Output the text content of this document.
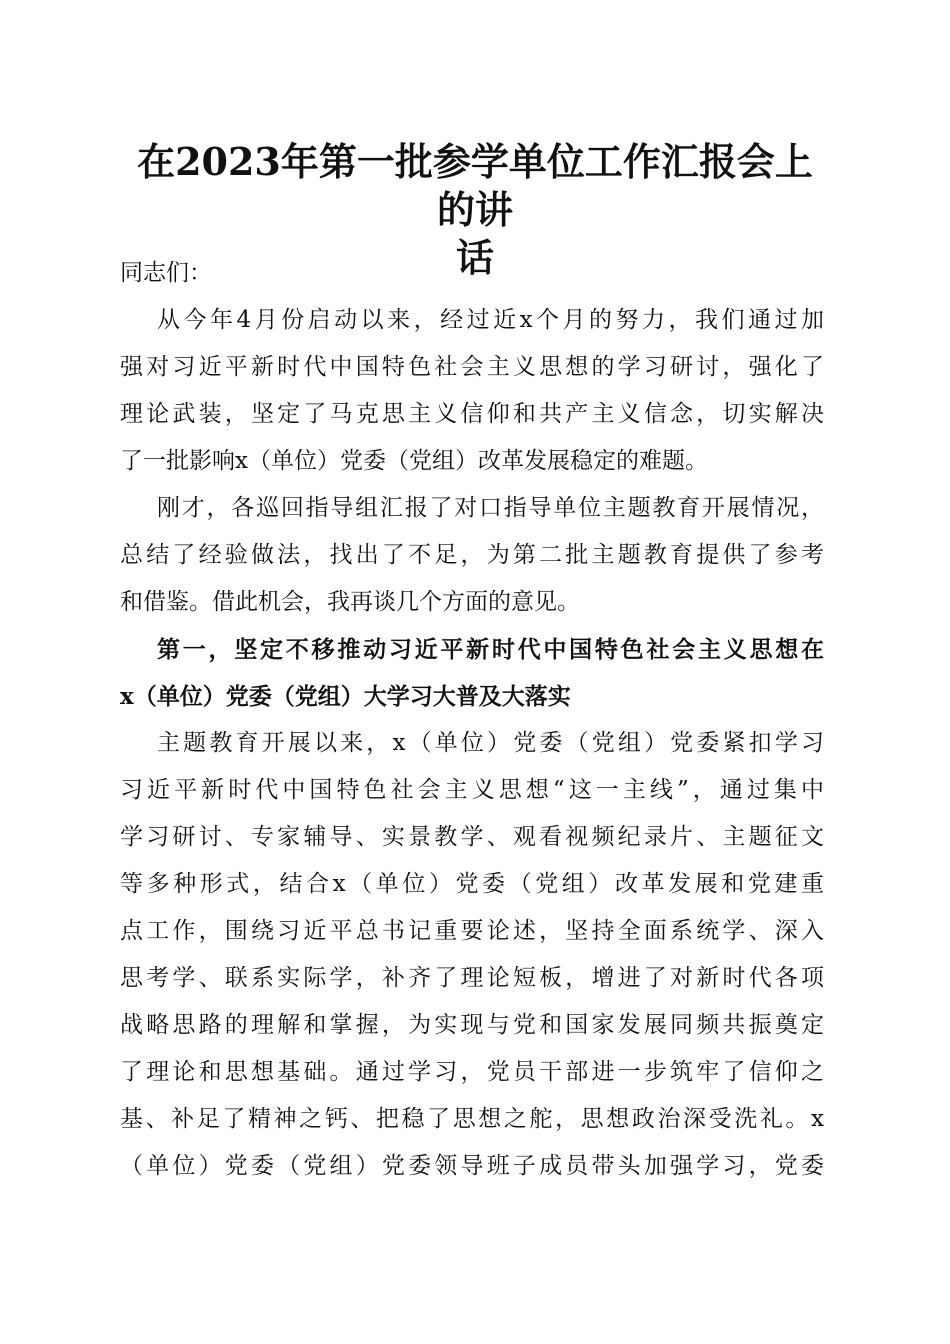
在2023年第一批参学单位工作汇报会上的讲
话
同志们：
从今年4月份启动以来，经过近x个月的努力，我们通过加
强对习近平新时代中国特色社会主义思想的学习研讨，强化了
理论武装，坚定了马克思主义信仰和共产主义信念，切实解决
了一批影响x（单位）党委（党组）改革发展稳定的难题。
刚才，各巡回指导组汇报了对口指导单位主题教育开展情况，
总结了经验做法，找出了不足，为第二批主题教育提供了参考
和借鉴。借此机会，我再谈几个方面的意见。
第一，坚定不移推动习近平新时代中国特色社会主义思想在
x（单位）党委（党组）大学习大普及大落实
主题教育开展以来，x（单位）党委（党组）党委紧扣学习
习近平新时代中国特色社会主义思想“这一主线”，通过集中
学习研讨、专家辅导、实景教学、观看视频纪录片、主题征文
等多种形式，结合x（单位）党委（党组）改革发展和党建重
点工作，围绕习近平总书记重要论述，坚持全面系统学、深入
思考学、联系实际学，补齐了理论短板，增进了对新时代各项
战略思路的理解和掌握，为实现与党和国家发展同频共振奠定
了理论和思想基础。通过学习，党员干部进一步筑牢了信仰之
基、补足了精神之钙、把稳了思想之舵，思想政治深受洗礼。x
（单位）党委（党组）党委领导班子成员带头加强学习，党委
